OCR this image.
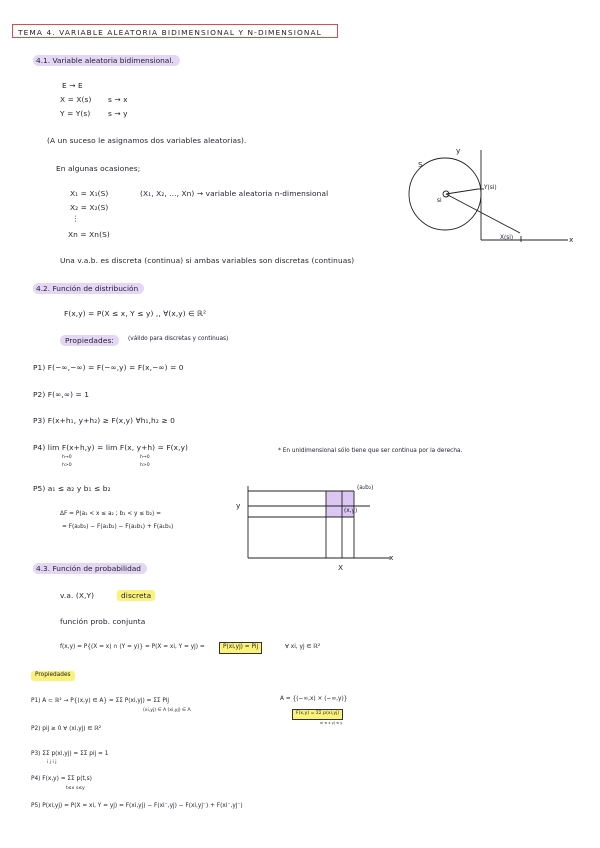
TEMA 4. VARIABLE ALEATORIA BIDIMENSIONAL Y N-DIMENSIONAL
4.1. Variable aleatoria bidimensional.
E → E
X = X(s) s → x
Y = Y(s) s → y
(A un suceso le asignamos dos variables aleatorias).
En algunas ocasiones;
X₁ = X₁(S)	(X₁, X₂, ..., Xn) → variable aleatoria n-dimensional
X₂ = X₂(S)
⋮
Xn = Xn(S)
Una v.a.b. es discreta (continua) si ambas variables son discretas (continuas)
S
y
x
si
Y(si)
X(si)
4.2. Función de distribución
F(x,y) = P(X ≤ x, Y ≤ y) ,, ∀(x,y) ∈ ℝ²
Propiedades:	(válido para discretas y continuas)
P1) F(−∞,−∞) = F(−∞,y) = F(x,−∞) = 0
P2) F(∞,∞) = 1
P3) F(x+h₁, y+h₂) ≥ F(x,y) ∀h₁,h₂ ≥ 0
P4) lim F(x+h,y) = lim F(x, y+h) = F(x,y)
h→0
h>0
h→0
h>0
* En unidimensional sólo tiene que ser continua por la derecha.
P5) a₁ ≤ a₂ y b₁ ≤ b₂
ΔF = P(a₁ < x ≤ a₂ ; b₁ < y ≤ b₂) =
= F(a₂b₂) − F(a₁b₂) − F(a₂b₁) + F(a₁b₁)
y
x
X
(a₂b₂)
(x,y)
4.3. Función de probabilidad
v.a. (X,Y)	discreta
función prob. conjunta
f(x,y) = P{(X = x) ∩ (Y = y)} = P(X = xi, Y = yj) =	P(xi,yj) = Pij	∀ xi, yj ∈ ℝ²
Propiedades
P1) A ⊂ ℝ² → P{(x,y) ∈ A} = ΣΣ P(xi,yj) = ΣΣ Pij
(xi,yj) ∈ A (xi,yj) ∈ A
A = {(−∞,x) × (−∞,y)}
F(x,y) = ΣΣ p(xi,yj)
xi ≤ x yj ≤ y
P2) pij ≥ 0 ∀ (xi,yj) ∈ ℝ²
P3) ΣΣ p(xi,yj) = ΣΣ pij = 1
i j i j
P4) F(x,y) = ΣΣ p(t,s)
t≤x s≤y
P5) P(xi,yj) = P(X = xi, Y = yj) = F(xi,yj) − F(xi⁻,yj) − F(xi,yj⁻) + F(xi⁻,yj⁻)
